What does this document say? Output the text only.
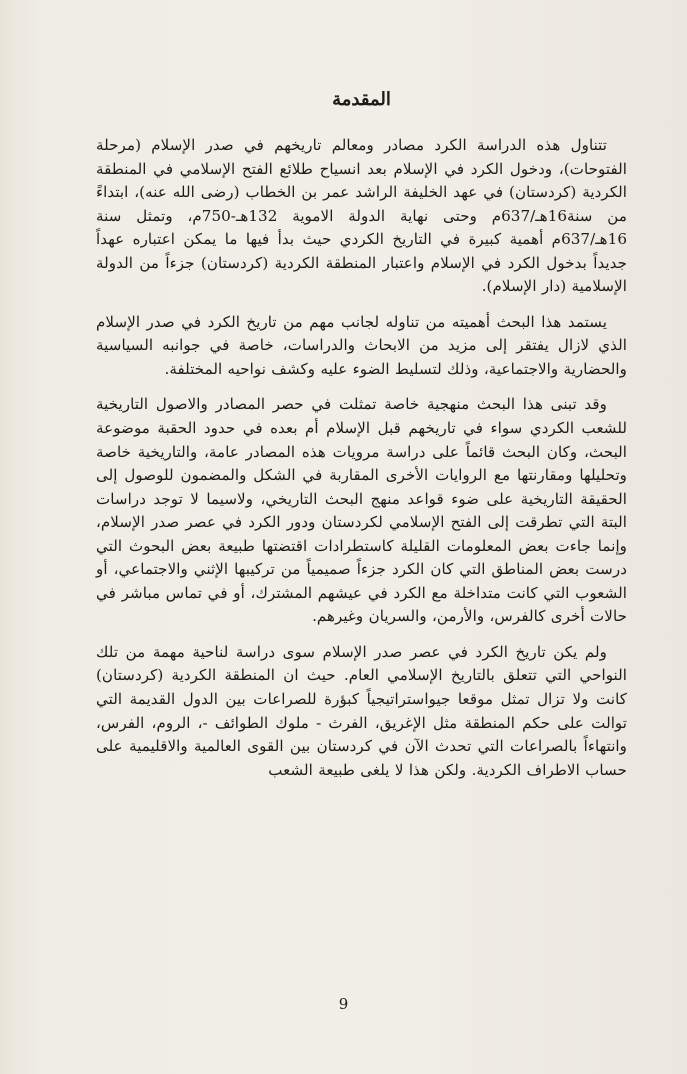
المقدمة

تتناول هذه الدراسة الكرد مصادر ومعالم تاريخهم في صدر الإسلام (مرحلة الفتوحات)، ودخول الكرد في الإسلام بعد انسياح طلائع الفتح الإسلامي في المنطقة الكردية (كردستان) في عهد الخليفة الراشد عمر بن الخطاب (رضى الله عنه)، ابتداءً من سنة16هـ/637م وحتى نهاية الدولة الاموية 132هـ-750م، وتمثل سنة 16هـ/637م أهمية كبيرة في التاريخ الكردي حيث بدأ فيها ما يمكن اعتباره عهداً جديداً بدخول الكرد في الإسلام واعتبار المنطقة الكردية (كردستان) جزءاً من الدولة الإسلامية (دار الإسلام).

يستمد هذا البحث أهميته من تناوله لجانب مهم من تاريخ الكرد في صدر الإسلام الذي لازال يفتقر إلى مزيد من الابحاث والدراسات، خاصة في جوانبه السياسية والحضارية والاجتماعية، وذلك لتسليط الضوء عليه وكشف نواحيه المختلفة.

وقد تبنى هذا البحث منهجية خاصة تمثلت في حصر المصادر والاصول التاريخية للشعب الكردي سواء في تاريخهم قبل الإسلام أم بعده في حدود الحقبة موضوعة البحث، وكان البحث قائماً على دراسة مرويات هذه المصادر عامة، والتاريخية خاصة وتحليلها ومقارنتها مع الروايات الأخرى المقاربة في الشكل والمضمون للوصول إلى الحقيقة التاريخية على ضوء قواعد منهج البحث التاريخي، ولاسيما لا توجد دراسات البتة التي تطرقت إلى الفتح الإسلامي لكردستان ودور الكرد في عصر صدر الإسلام، وإنما جاءت بعض المعلومات القليلة كاستطرادات اقتضتها طبيعة بعض البحوث التي درست بعض المناطق التي كان الكرد جزءاً صميمياً من تركيبها الإثني والاجتماعي، أو الشعوب التي كانت متداخلة مع الكرد في عيشهم المشترك، أو في تماس مباشر في حالات أخرى كالفرس، والأرمن، والسريان وغيرهم.

ولم يكن تاريخ الكرد في عصر صدر الإسلام سوى دراسة لناحية مهمة من تلك النواحي التي تتعلق بالتاريخ الإسلامي العام. حيث ان المنطقة الكردية (كردستان) كانت ولا تزال تمثل موقعا جيواستراتيجياً كبؤرة للصراعات بين الدول القديمة التي توالت على حكم المنطقة مثل الإغريق، الفرث - ملوك الطوائف -، الروم، الفرس، وانتهاءاً بالصراعات التي تحدث الآن في كردستان بين القوى العالمية والاقليمية على حساب الاطراف الكردية. ولكن هذا لا يلغى طبيعة الشعب

9
